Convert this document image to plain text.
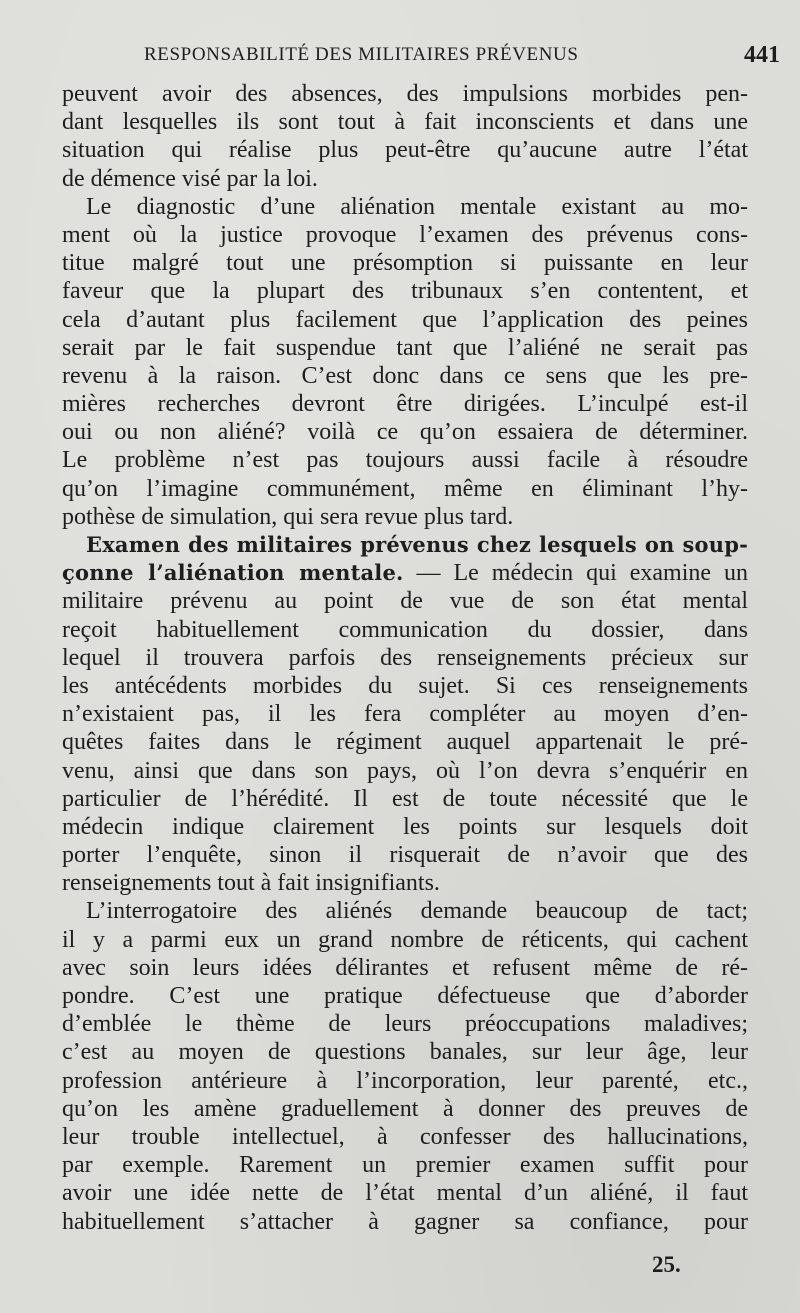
RESPONSABILITÉ DES MILITAIRES PRÉVENUS	441
peuvent avoir des absences, des impulsions morbides pen-
dant lesquelles ils sont tout à fait inconscients et dans une
situation qui réalise plus peut-être qu’aucune autre l’état
de démence visé par la loi.
Le diagnostic d’une aliénation mentale existant au mo-
ment où la justice provoque l’examen des prévenus cons-
titue malgré tout une présomption si puissante en leur
faveur que la plupart des tribunaux s’en contentent, et
cela d’autant plus facilement que l’application des peines
serait par le fait suspendue tant que l’aliéné ne serait pas
revenu à la raison. C’est donc dans ce sens que les pre-
mières recherches devront être dirigées. L’inculpé est-il
oui ou non aliéné? voilà ce qu’on essaiera de déterminer.
Le problème n’est pas toujours aussi facile à résoudre
qu’on l’imagine communément, même en éliminant l’hy-
pothèse de simulation, qui sera revue plus tard.
Examen des militaires prévenus chez lesquels on soup-
çonne l’aliénation mentale. — Le médecin qui examine un
militaire prévenu au point de vue de son état mental
reçoit habituellement communication du dossier, dans
lequel il trouvera parfois des renseignements précieux sur
les antécédents morbides du sujet. Si ces renseignements
n’existaient pas, il les fera compléter au moyen d’en-
quêtes faites dans le régiment auquel appartenait le pré-
venu, ainsi que dans son pays, où l’on devra s’enquérir en
particulier de l’hérédité. Il est de toute nécessité que le
médecin indique clairement les points sur lesquels doit
porter l’enquête, sinon il risquerait de n’avoir que des
renseignements tout à fait insignifiants.
L’interrogatoire des aliénés demande beaucoup de tact;
il y a parmi eux un grand nombre de réticents, qui cachent
avec soin leurs idées délirantes et refusent même de ré-
pondre. C’est une pratique défectueuse que d’aborder
d’emblée le thème de leurs préoccupations maladives;
c’est au moyen de questions banales, sur leur âge, leur
profession antérieure à l’incorporation, leur parenté, etc.,
qu’on les amène graduellement à donner des preuves de
leur trouble intellectuel, à confesser des hallucinations,
par exemple. Rarement un premier examen suffit pour
avoir une idée nette de l’état mental d’un aliéné, il faut
habituellement s’attacher à gagner sa confiance, pour
25.
